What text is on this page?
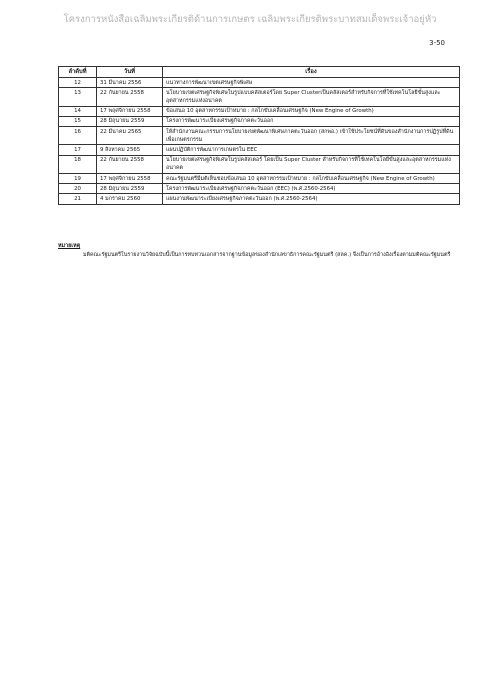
โครงการหนังสือเฉลิมพระเกียรติด้านการเกษตร เฉลิมพระเกียรติพระบาทสมเด็จพระเจ้าอยู่หัว
3-50
ลำดับที่	วันที่	เรื่อง
12	31 มีนาคม 2556	แนวทางการพัฒนาเขตเศรษฐกิจพิเศษ
13	22 กันยายน 2558	นโยบายเขตเศรษฐกิจพิเศษในรูปแบบคลัสเตอร์โดย Super Clusterเป็นคลัสเตอร์สำหรับกิจการที่ใช้เทคโนโลยีขั้นสูงและอุตสาหกรรมแห่งอนาคต
14	17 พฤศจิกายน 2558	ข้อเสนอ 10 อุตสาหกรรมเป้าหมาย : กลไกขับเคลื่อนเศรษฐกิจ (New Engine of Growth)
15	28 มิถุนายน 2559	โครงการพัฒนาระเบียงเศรษฐกิจภาคตะวันออก
16	22 มีนาคม 2565	ให้สำนักงานคณะกรรมการนโยบายเขตพัฒนาพิเศษภาคตะวันออก (สกพอ.) เข้าใช้ประโยชน์ที่ดินของสำนักงานการปฏิรูปที่ดินเพื่อเกษตรกรรม
17	9 สิงหาคม 2565	แผนปฏิบัติการพัฒนาการเกษตรใน EEC
18	22 กันยายน 2558	นโยบายเขตเศรษฐกิจพิเศษในรูปคลัสเตอร์ โดยเป็น Super Cluster สำหรับกิจการที่ใช้เทคโนโลยีขั้นสูงและอุตสาหกรรมแห่งอนาคต
19	17 พฤศจิกายน 2558	คณะรัฐมนตรีมีมติเห็นชอบข้อเสนอ 10 อุตสาหกรรมเป้าหมาย : กลไกขับเคลื่อนเศรษฐกิจ (New Engine of Growth)
20	28 มิถุนายน 2559	โครงการพัฒนาระเบียงเศรษฐกิจภาคตะวันออก (EEC) (พ.ศ.2560-2564)
21	4 มกราคม 2560	แผนงานพัฒนาระเบียงเศรษฐกิจภาคตะวันออก (พ.ศ.2560-2564)
หมายเหตุ
มติคณะรัฐมนตรีในรายงานวิจัยฉบับนี้เป็นการทบทวนเอกสารจากฐานข้อมูลของสำนักเลขาธิการคณะรัฐมนตรี (สลค.) จึงเป็นการอ้างอิงเรื่องตามมติคณะรัฐมนตรี
